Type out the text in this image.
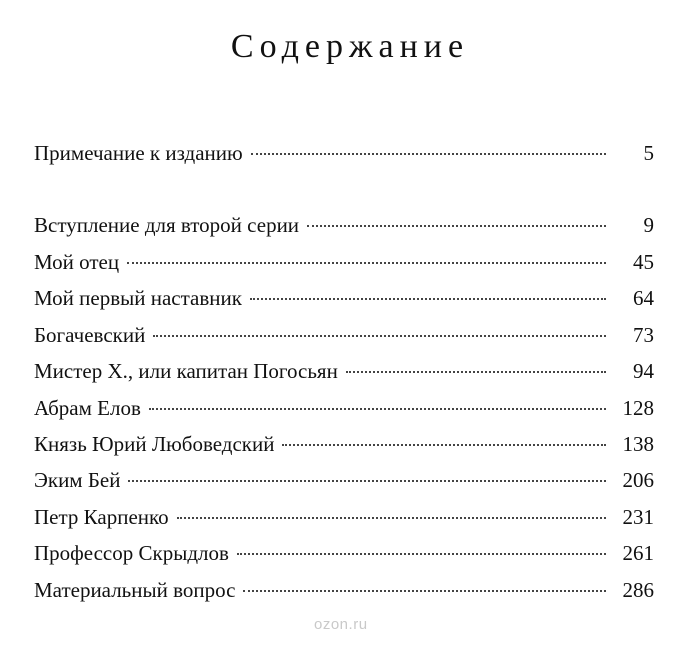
Содержание
Примечание к изданию	5
Вступление для второй серии	9
Мой отец	45
Мой первый наставник	64
Богачевский	73
Мистер Х., или капитан Погосьян	94
Абрам Елов	128
Князь Юрий Любоведский	138
Эким Бей	206
Петр Карпенко	231
Профессор Скрыдлов	261
Материальный вопрос	286
ozon.ru
